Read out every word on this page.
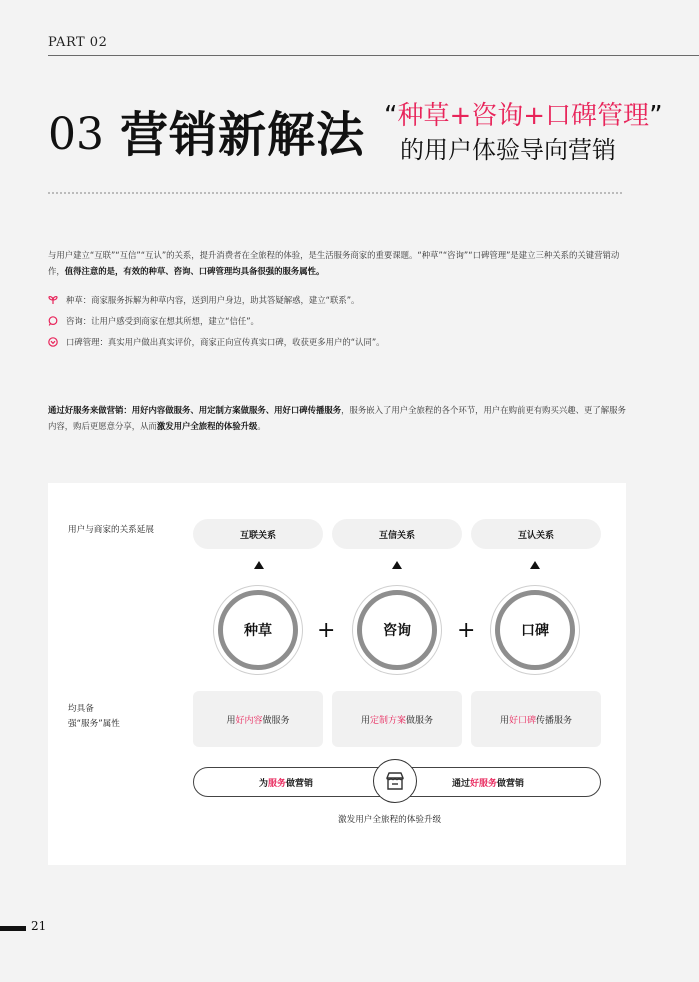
PART 02
03 营销新解法 “种草+咨询+口碑管理”
的用户体验导向营销
与用户建立“互联”“互信”“互认”的关系，提升消费者在全旅程的体验，是生活服务商家的重要课题。“种草”“咨询”“口碑管理”是建立三种关系的关键营销动作，值得注意的是，有效的种草、咨询、口碑管理均具备很强的服务属性。
种草：商家服务拆解为种草内容，送到用户身边，助其答疑解惑，建立“联系”。
咨询：让用户感受到商家在想其所想，建立“信任”。
口碑管理：真实用户做出真实评价，商家正向宣传真实口碑，收获更多用户的“认同”。
通过好服务来做营销：用好内容做服务、用定制方案做服务、用好口碑传播服务，服务嵌入了用户全旅程的各个环节，用户在购前更有购买兴趣、更了解服务内容，购后更愿意分享，从而激发用户全旅程的体验升级。
用户与商家的关系延展
互联关系	互信关系	互认关系
种草	+	咨询	+	口碑
均具备
强“服务”属性	用 好内容 做服务	用 定制方案 做服务	用 好口碑 传播服务
为服务做营销	通过好服务做营销
激发用户全旅程的体验升级
21
